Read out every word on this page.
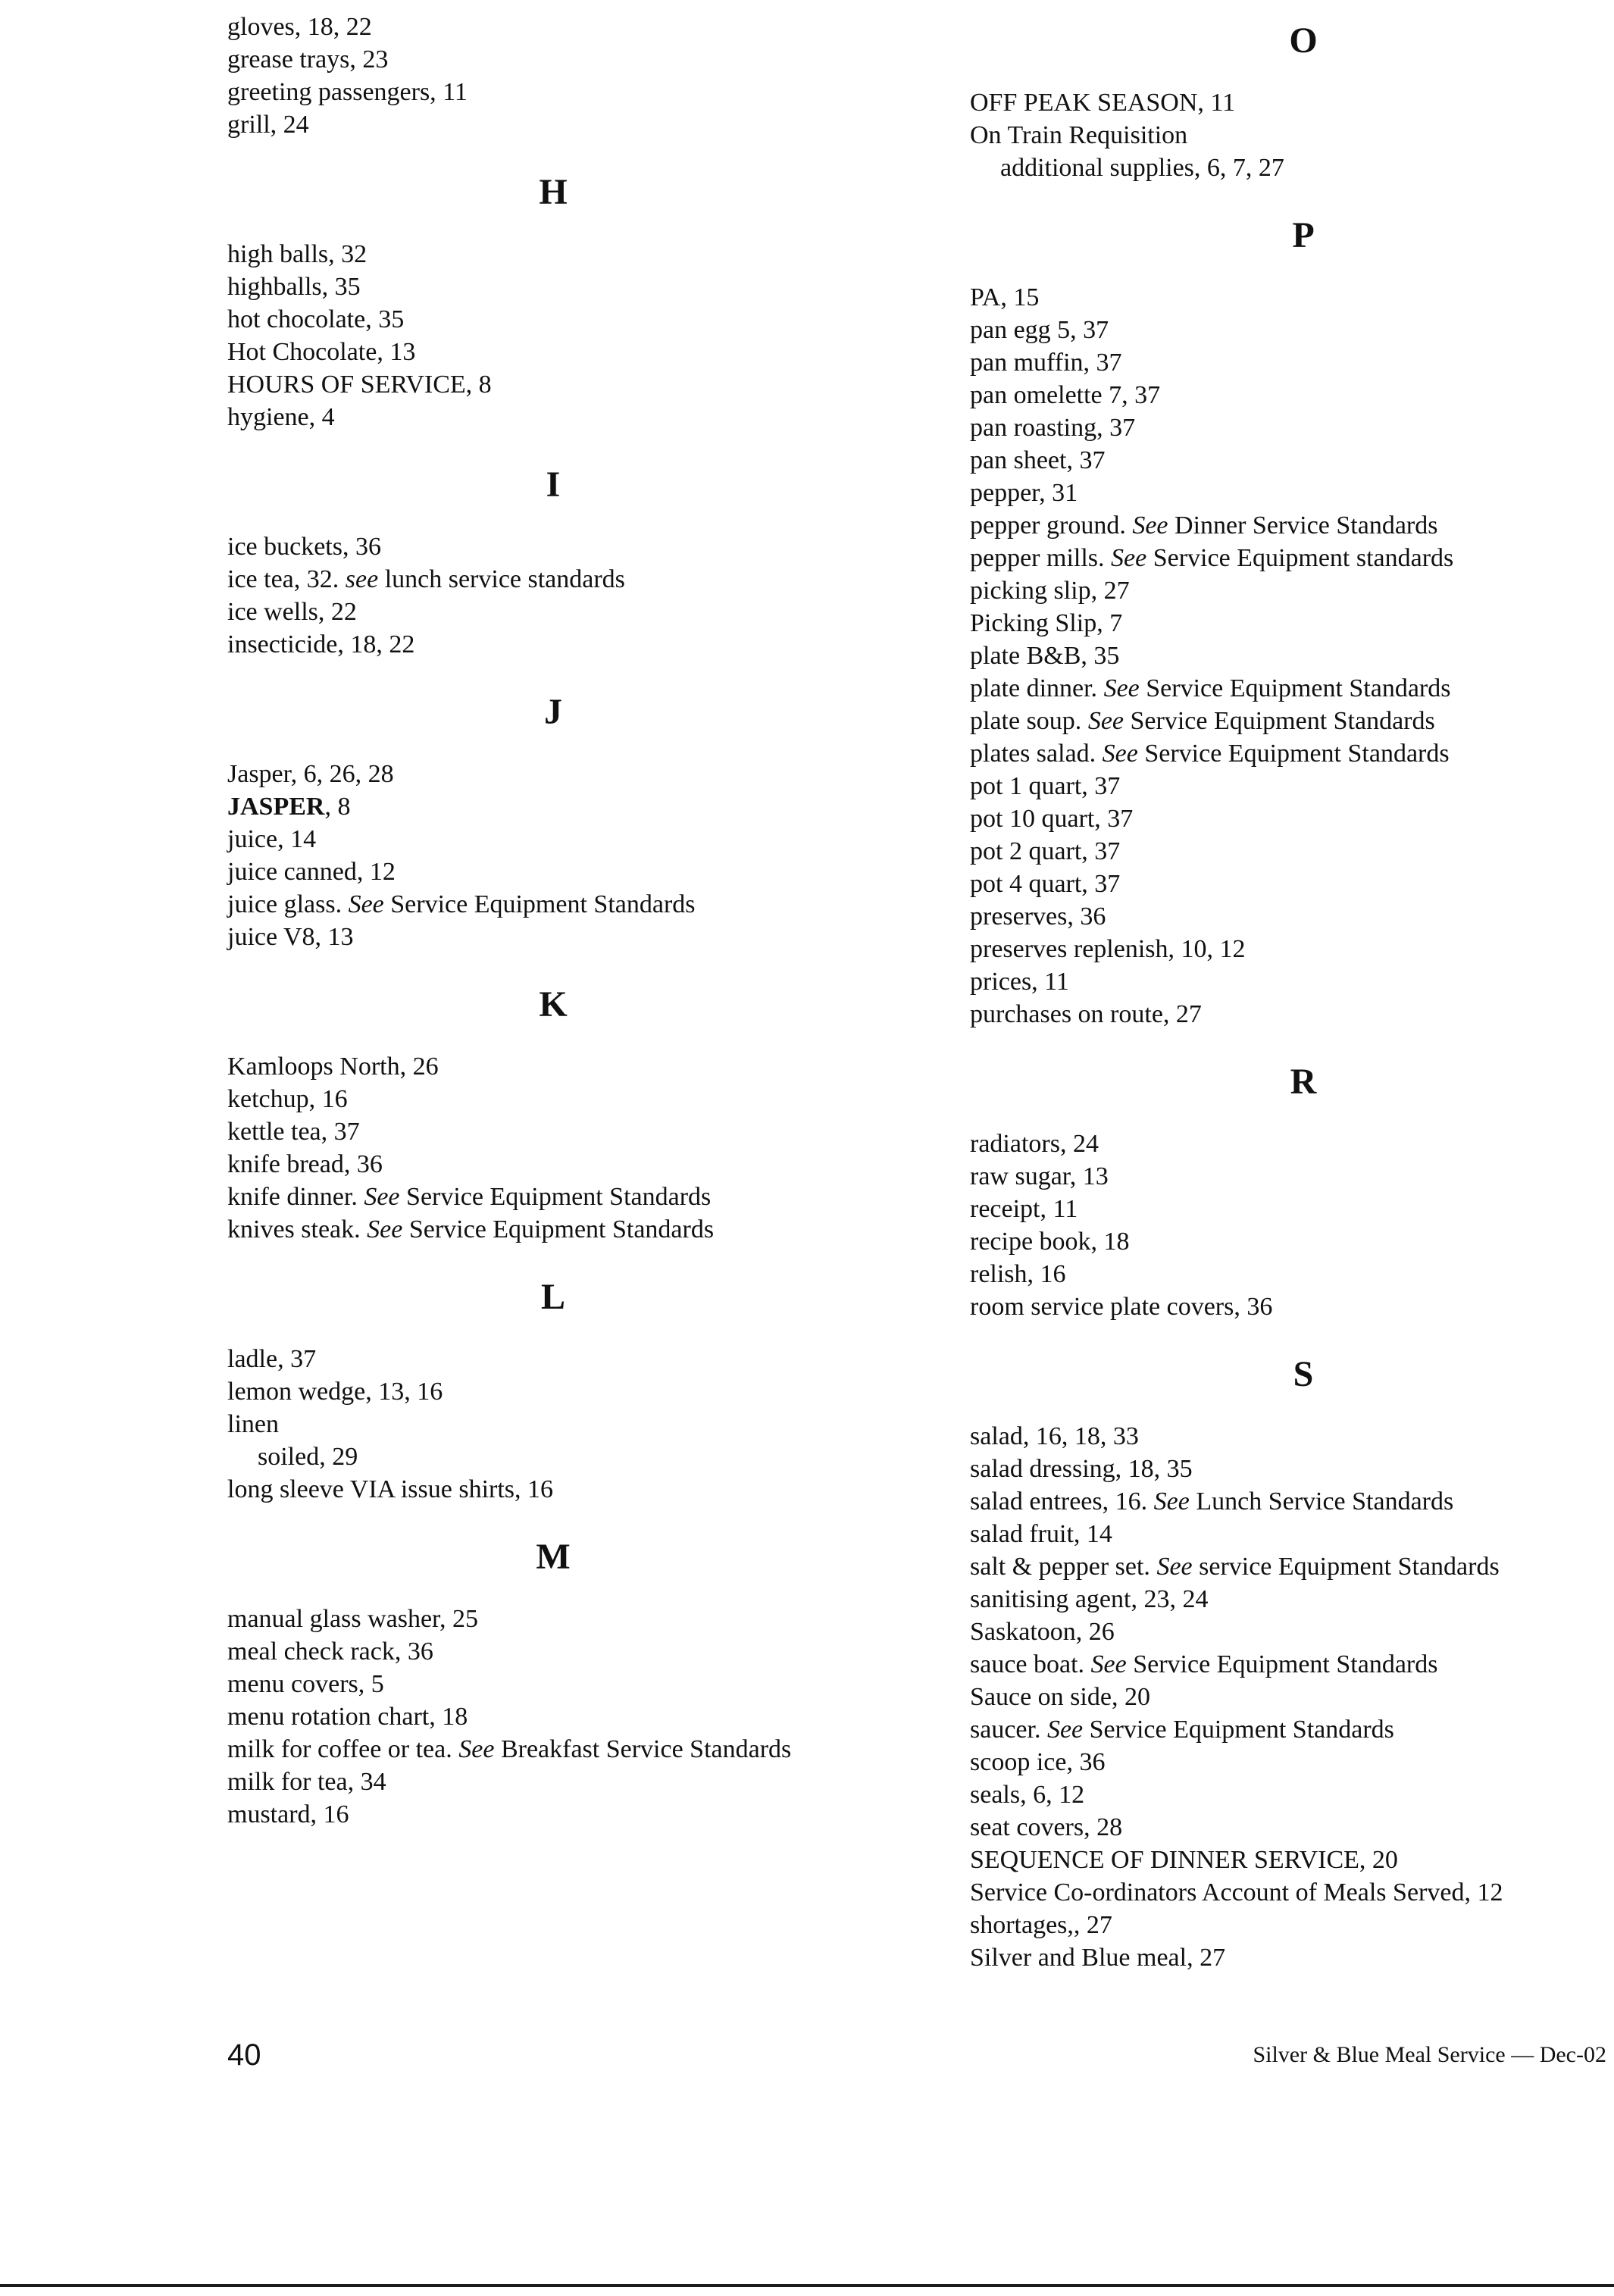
gloves, 18, 22
grease trays, 23
greeting passengers, 11
grill, 24
H
high balls, 32
highballs, 35
hot chocolate, 35
Hot Chocolate, 13
HOURS OF SERVICE, 8
hygiene, 4
I
ice buckets, 36
ice tea, 32. see lunch service standards
ice wells, 22
insecticide, 18, 22
J
Jasper, 6, 26, 28
JASPER, 8
juice, 14
juice canned, 12
juice glass. See Service Equipment Standards
juice V8, 13
K
Kamloops North, 26
ketchup, 16
kettle tea, 37
knife bread, 36
knife dinner. See Service Equipment Standards
knives steak. See Service Equipment Standards
L
ladle, 37
lemon wedge, 13, 16
linen
soiled, 29
long sleeve VIA issue shirts, 16
M
manual glass washer, 25
meal check rack, 36
menu covers, 5
menu rotation chart, 18
milk for coffee or tea. See Breakfast Service Standards
milk for tea, 34
mustard, 16
O
OFF PEAK SEASON, 11
On Train Requisition
additional supplies, 6, 7, 27
P
PA, 15
pan egg 5, 37
pan muffin, 37
pan omelette 7, 37
pan roasting, 37
pan sheet, 37
pepper, 31
pepper ground. See Dinner Service Standards
pepper mills. See Service Equipment standards
picking slip, 27
Picking Slip, 7
plate B&B, 35
plate dinner. See Service Equipment Standards
plate soup. See Service Equipment Standards
plates salad. See Service Equipment Standards
pot 1 quart, 37
pot 10 quart, 37
pot 2 quart, 37
pot 4 quart, 37
preserves, 36
preserves replenish, 10, 12
prices, 11
purchases on route, 27
R
radiators, 24
raw sugar, 13
receipt, 11
recipe book, 18
relish, 16
room service plate covers, 36
S
salad, 16, 18, 33
salad dressing, 18, 35
salad entrees, 16. See Lunch Service Standards
salad fruit, 14
salt & pepper set. See service Equipment Standards
sanitising agent, 23, 24
Saskatoon, 26
sauce boat. See Service Equipment Standards
Sauce on side, 20
saucer. See Service Equipment Standards
scoop ice, 36
seals, 6, 12
seat covers, 28
SEQUENCE OF DINNER SERVICE, 20
Service Co-ordinators Account of Meals Served, 12
shortages,, 27
Silver and Blue meal, 27
40	Silver & Blue Meal Service — Dec-02
